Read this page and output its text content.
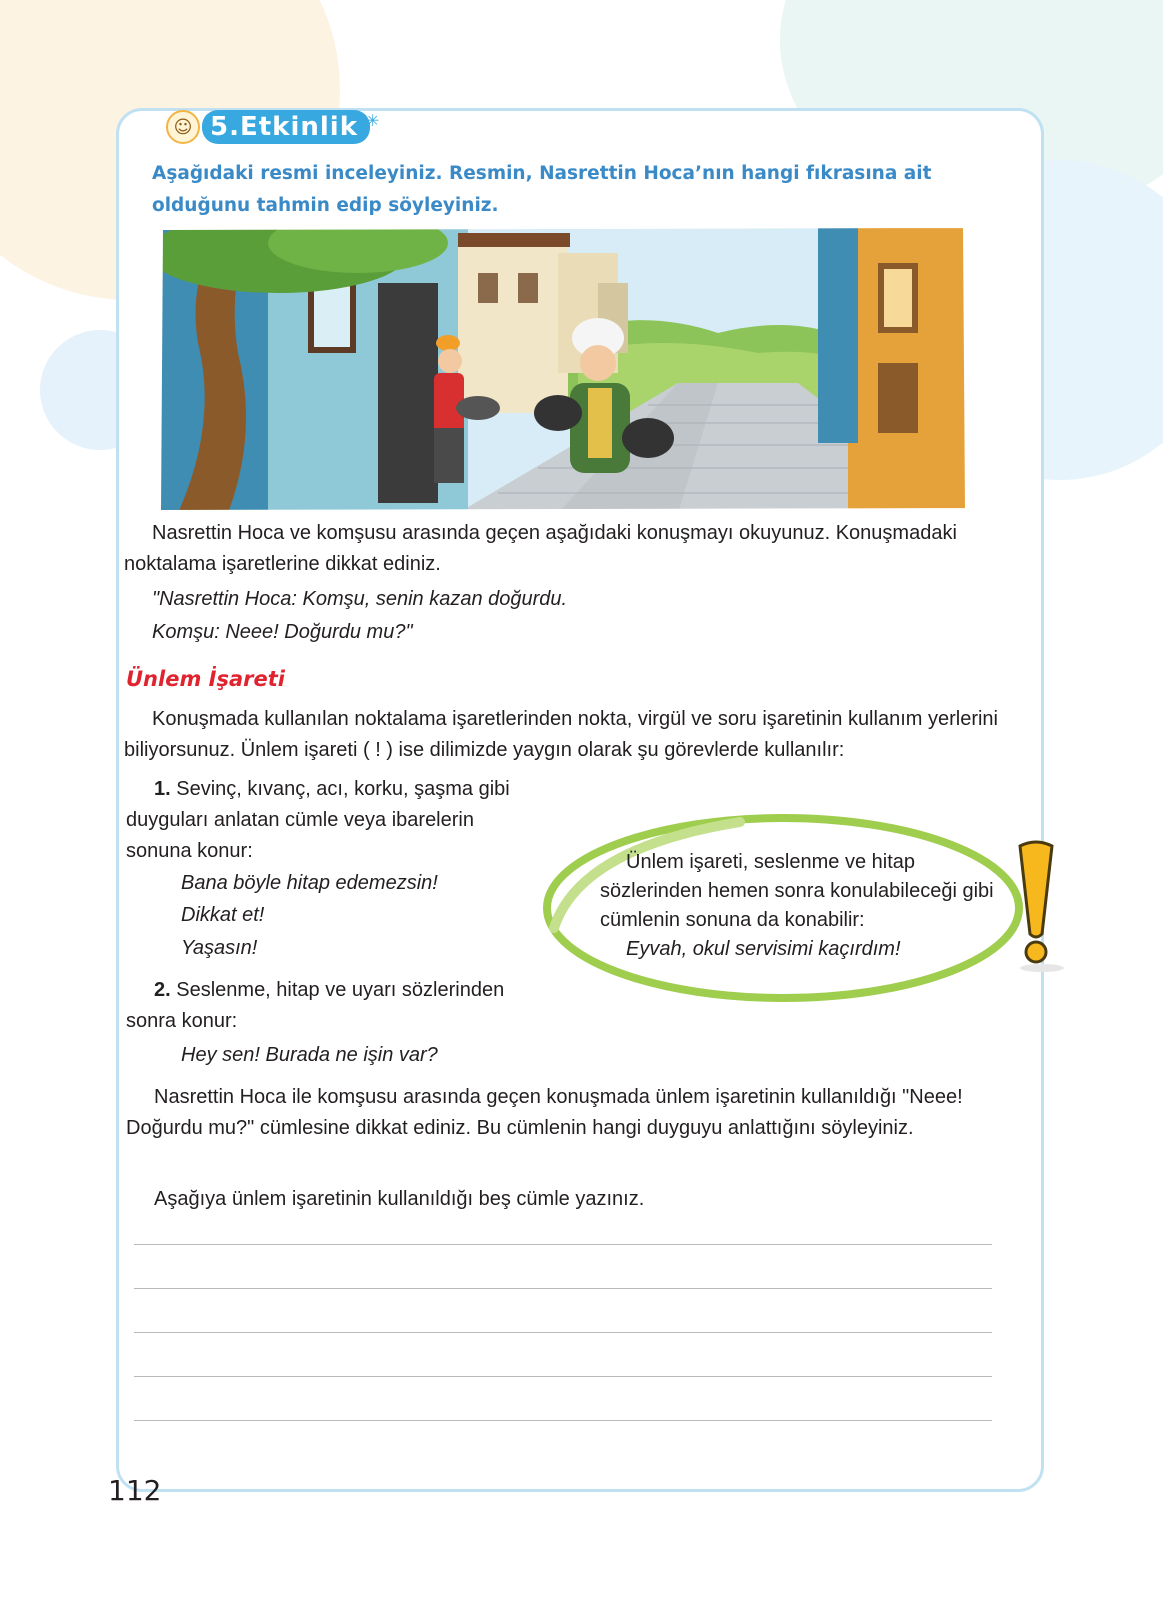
☺ 5.Etkinlik ✳

Aşağıdaki resmi inceleyiniz. Resmin, Nasrettin Hoca’nın hangi fıkrasına ait olduğunu tahmin edip söyleyiniz.

Nasrettin Hoca ve komşusu arasında geçen aşağıdaki konuşmayı okuyunuz. Konuşmadaki noktalama işaretlerine dikkat ediniz.

"Nasrettin Hoca: Komşu, senin kazan doğurdu.

Komşu: Neee! Doğurdu mu?"

Ünlem İşareti

Konuşmada kullanılan noktalama işaretlerinden nokta, virgül ve soru işaretinin kullanım yerlerini biliyorsunuz. Ünlem işareti ( ! ) ise dilimizde yaygın olarak şu görevlerde kullanılır:

1. Sevinç, kıvanç, acı, korku, şaşma gibi duyguları anlatan cümle veya ibarelerin sonuna konur:

Bana böyle hitap edemezsin!

Dikkat et!

Yaşasın!

2. Seslenme, hitap ve uyarı sözlerinden sonra konur:

Hey sen! Burada ne işin var?

Ünlem işareti, seslenme ve hitap sözlerinden hemen sonra konulabileceği gibi cümlenin sonuna da konabilir:
Eyvah, okul servisimi kaçırdım!

Nasrettin Hoca ile komşusu arasında geçen konuşmada ünlem işaretinin kullanıldığı "Neee! Doğurdu mu?" cümlesine dikkat ediniz. Bu cümlenin hangi duyguyu anlattığını söyleyiniz.

Aşağıya ünlem işaretinin kullanıldığı beş cümle yazınız.

112
